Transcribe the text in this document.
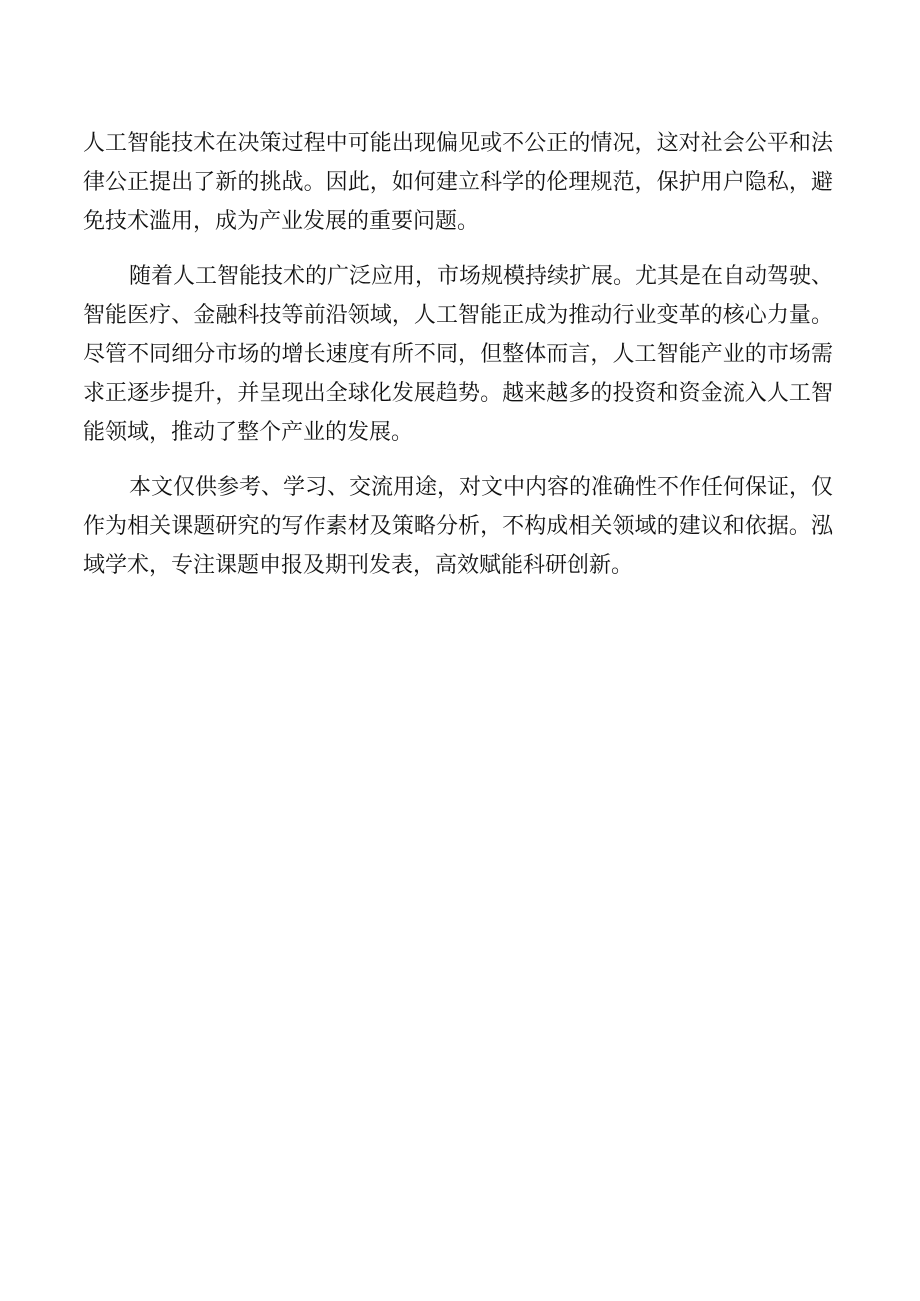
人工智能技术在决策过程中可能出现偏见或不公正的情况，这对社会公平和法律公正提出了新的挑战。因此，如何建立科学的伦理规范，保护用户隐私，避免技术滥用，成为产业发展的重要问题。

随着人工智能技术的广泛应用，市场规模持续扩展。尤其是在自动驾驶、智能医疗、金融科技等前沿领域，人工智能正成为推动行业变革的核心力量。尽管不同细分市场的增长速度有所不同，但整体而言，人工智能产业的市场需求正逐步提升，并呈现出全球化发展趋势。越来越多的投资和资金流入人工智能领域，推动了整个产业的发展。

本文仅供参考、学习、交流用途，对文中内容的准确性不作任何保证，仅作为相关课题研究的写作素材及策略分析，不构成相关领域的建议和依据。泓域学术，专注课题申报及期刊发表，高效赋能科研创新。
